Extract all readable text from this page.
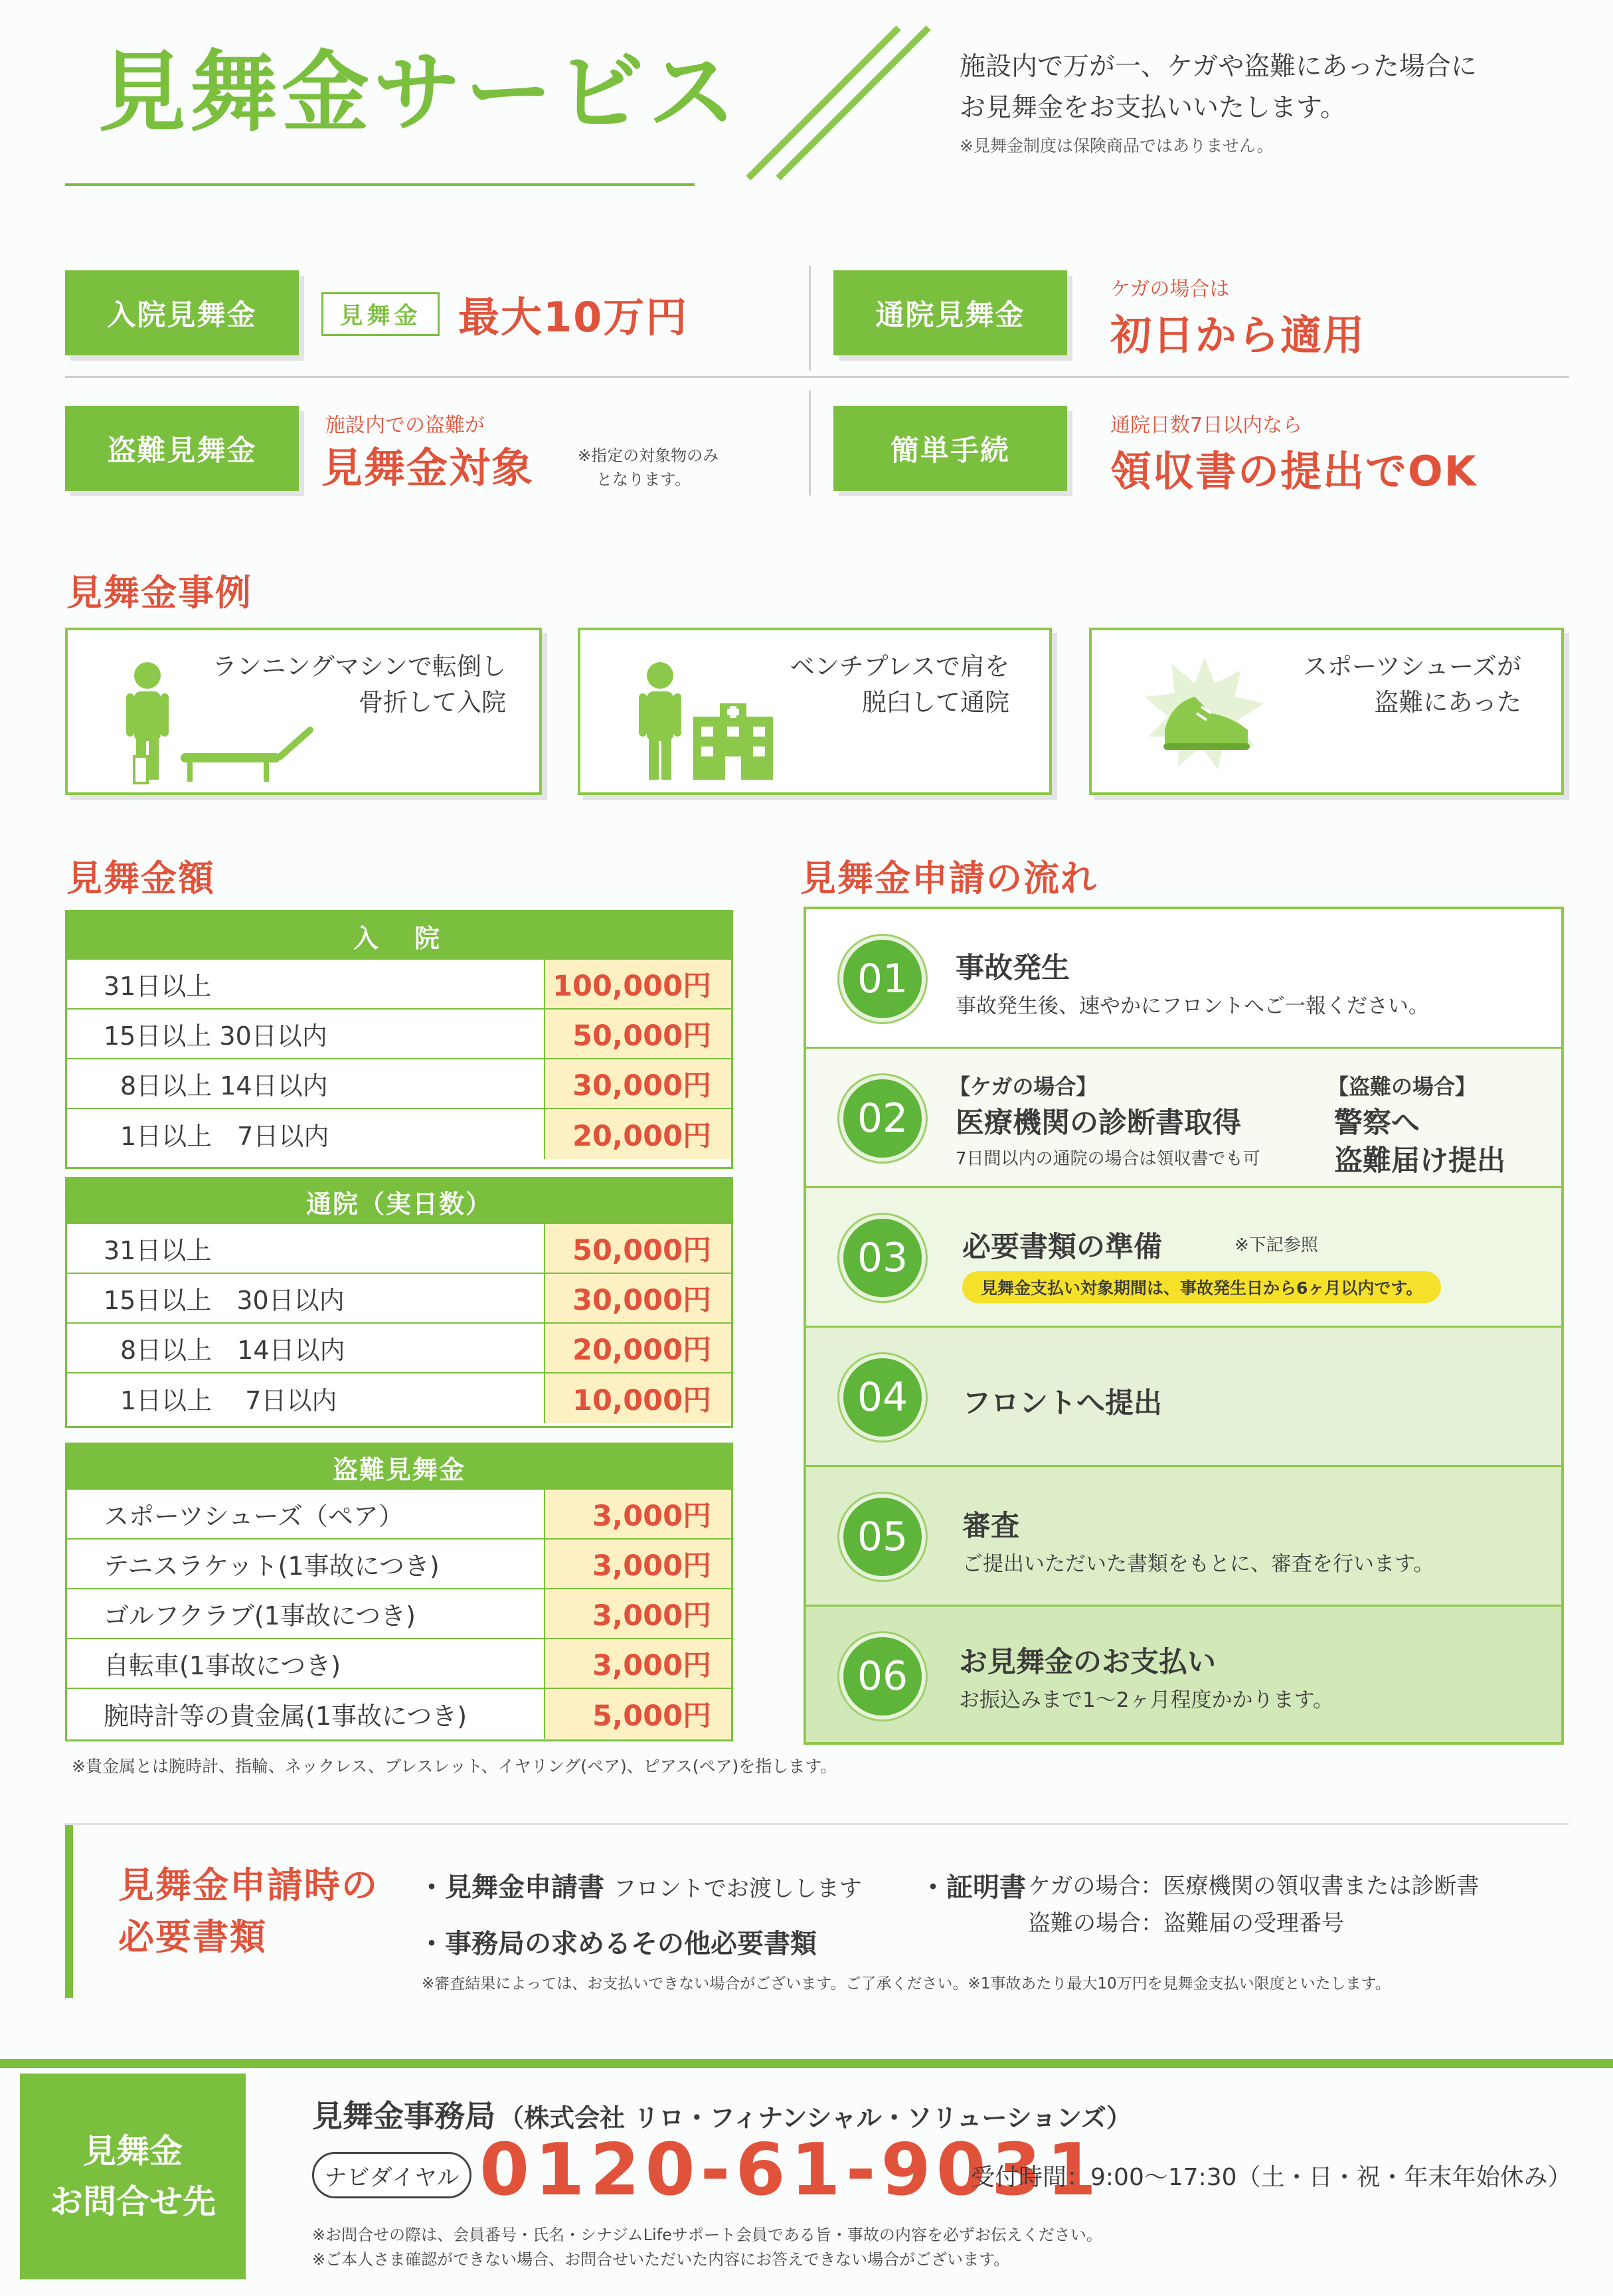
見舞金サービス	施設内で万が一、ケガや盗難にあった場合に
お見舞金をお支払いいたします。
※見舞金制度は保険商品ではありません。
入院見舞金	見舞金 最大10万円	通院見舞金
ケガの場合は
初日から適用
盗難見舞金
施設内での盗難が
見舞金対象	※指定の対象物のみ
となります。
簡単手続
通院日数7日以内なら
領収書の提出でOK
見舞金事例
ランニングマシンで転倒し
骨折して入院
ベンチプレスで肩を
脱臼して通院
スポーツシューズが
盗難にあった
見舞金額
入　院
31日以上	100,000円
15日以上 30日以内	50,000円
8日以上 14日以内	30,000円
1日以上　7日以内	20,000円
通院（実日数）
31日以上	50,000円
15日以上　30日以内	30,000円
8日以上　14日以内	20,000円
1日以上　 7日以内	10,000円
盗難見舞金
スポーツシューズ（ペア）	3,000円
テニスラケット(1事故につき)	3,000円
ゴルフクラブ(1事故につき)	3,000円
自転車(1事故につき)	3,000円
腕時計等の貴金属(1事故につき)	5,000円
※貴金属とは腕時計、指輪、ネックレス、ブレスレット、イヤリング(ペア)、ピアス(ペア)を指します。
見舞金申請の流れ
01	事故発生
事故発生後、速やかにフロントへご一報ください。
02
【ケガの場合】
医療機関の診断書取得
7日間以内の通院の場合は領収書でも可
【盗難の場合】
警察へ
盗難届け提出
03	必要書類の準備	※下記参照
見舞金支払い対象期間は、事故発生日から6ヶ月以内です。
04	フロントへ提出
05	審査
ご提出いただいた書類をもとに、審査を行います。
06	お見舞金のお支払い
お振込みまで1～2ヶ月程度かかります。
見舞金申請時の
必要書類
・見舞金申請書 フロントでお渡しします
・事務局の求めるその他必要書類
・証明書 ケガの場合：医療機関の領収書または診断書
盗難の場合：盗難届の受理番号
※審査結果によっては、お支払いできない場合がございます。ご了承ください。※1事故あたり最大10万円を見舞金支払い限度といたします。
見舞金
お問合せ先
見舞金事務局 （株式会社 リロ・フィナンシャル・ソリューションズ）
ナビダイヤル 0120-61-9031
受付時間：9:00～17:30（土・日・祝・年末年始休み）
※お問合せの際は、会員番号・氏名・シナジムLifeサポート会員である旨・事故の内容を必ずお伝えください。
※ご本人さま確認ができない場合、お問合せいただいた内容にお答えできない場合がございます。
